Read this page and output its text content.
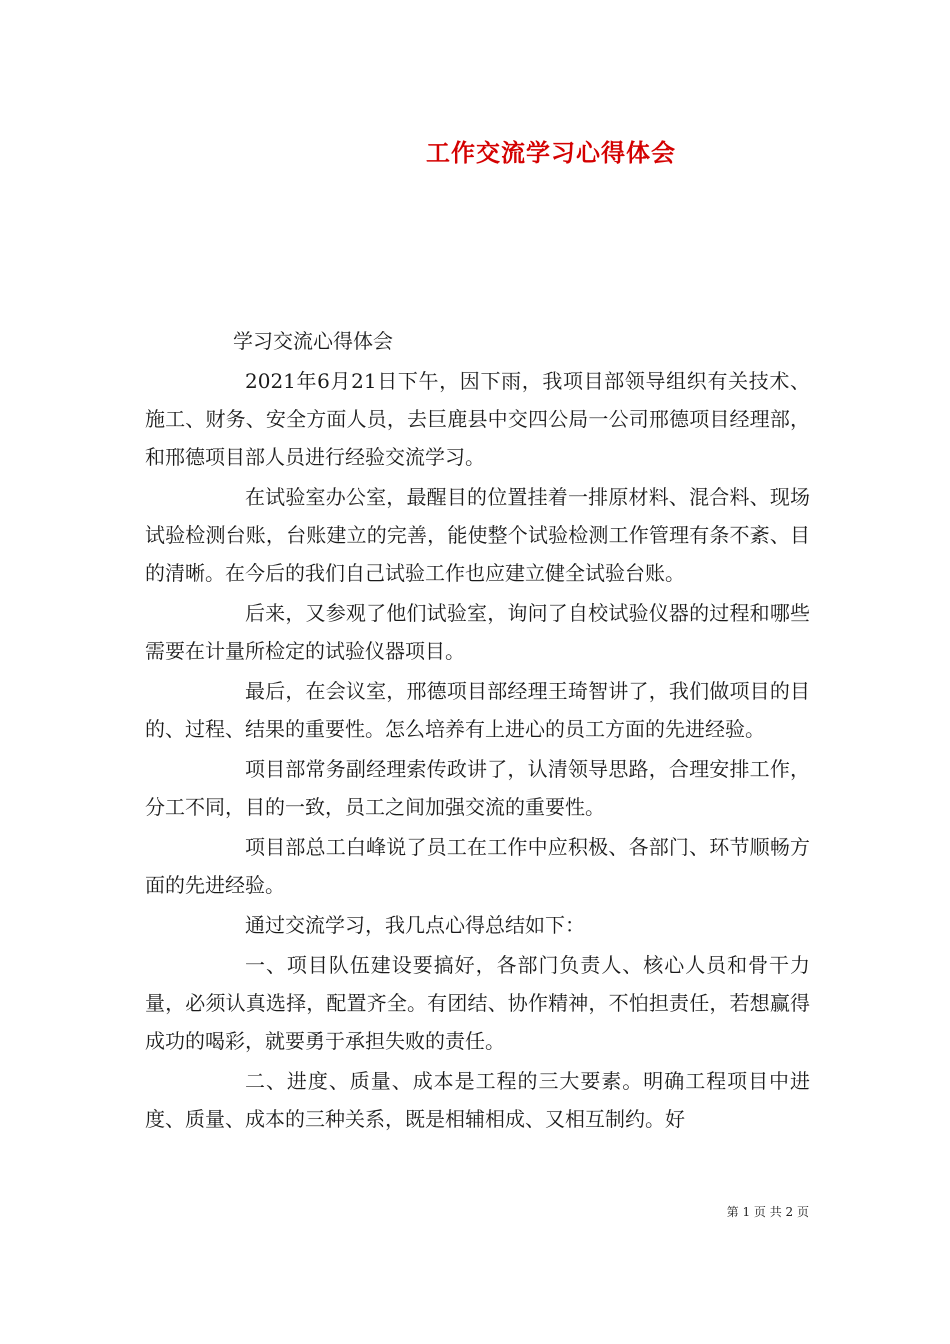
工作交流学习心得体会

学习交流心得体会

2021年6月21日下午，因下雨，我项目部领导组织有关技术、施工、财务、安全方面人员，去巨鹿县中交四公局一公司邢德项目经理部，和邢德项目部人员进行经验交流学习。

在试验室办公室，最醒目的位置挂着一排原材料、混合料、现场试验检测台账，台账建立的完善，能使整个试验检测工作管理有条不紊、目的清晰。在今后的我们自己试验工作也应建立健全试验台账。

后来，又参观了他们试验室，询问了自校试验仪器的过程和哪些需要在计量所检定的试验仪器项目。

最后，在会议室，邢德项目部经理王琦智讲了，我们做项目的目的、过程、结果的重要性。怎么培养有上进心的员工方面的先进经验。

项目部常务副经理索传政讲了，认清领导思路，合理安排工作，分工不同，目的一致，员工之间加强交流的重要性。

项目部总工白峰说了员工在工作中应积极、各部门、环节顺畅方面的先进经验。

通过交流学习，我几点心得总结如下：

一、项目队伍建设要搞好，各部门负责人、核心人员和骨干力量，必须认真选择，配置齐全。有团结、协作精神，不怕担责任，若想赢得成功的喝彩，就要勇于承担失败的责任。

二、进度、质量、成本是工程的三大要素。明确工程项目中进度、质量、成本的三种关系，既是相辅相成、又相互制约。好

第 1 页 共 2 页
